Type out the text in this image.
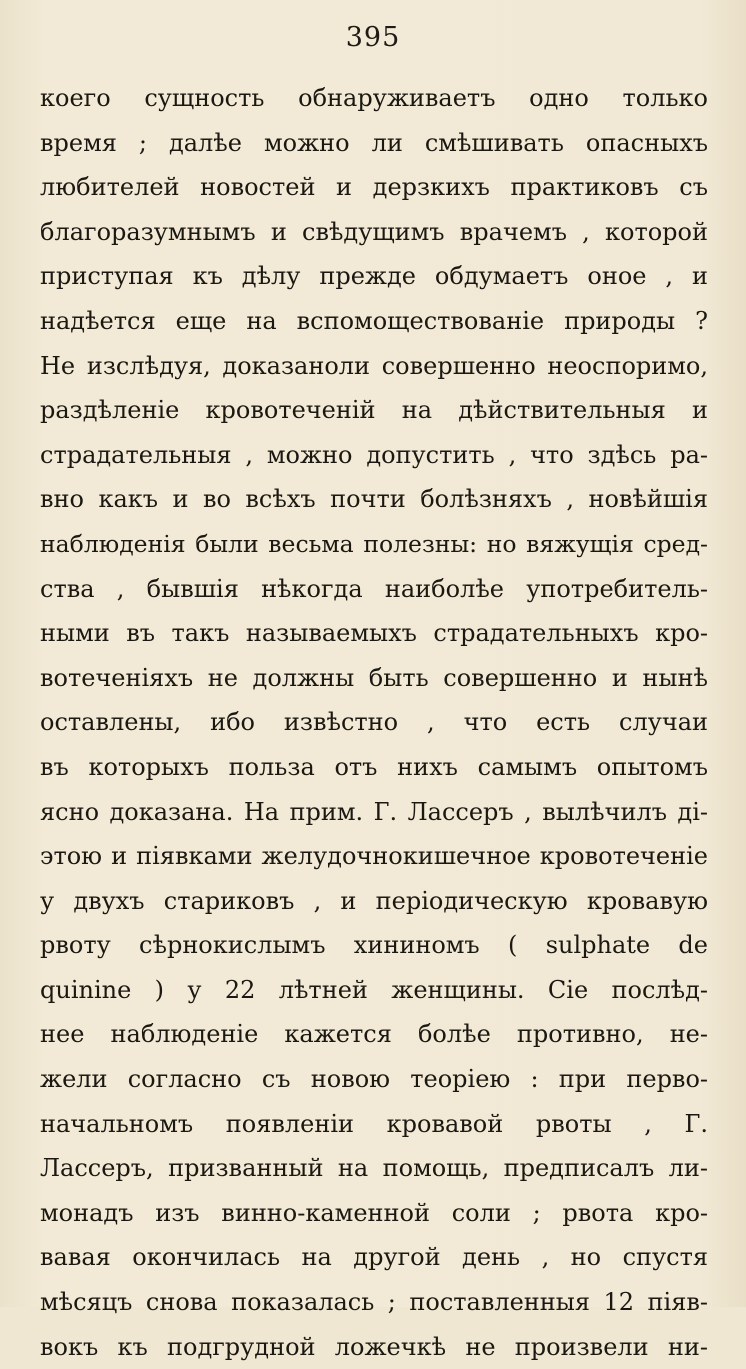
395
коего сущность обнаруживаетъ одно только
время ; далѣе можно ли смѣшивать опасныхъ
любителей новостей и дерзкихъ практиковъ съ
благоразумнымъ и свѣдущимъ врачемъ , которой
приступая къ дѣлу прежде обдумаетъ оное , и
надѣется еще на вспомоществованіе природы ?
Не изслѣдуя, доказаноли совершенно неоспоримо,
раздѣленіе кровотеченій на дѣйствительныя и
страдательныя , можно допустить , что здѣсь ра-
вно какъ и во всѣхъ почти болѣзняхъ , новѣйшія
наблюденія были весьма полезны: но вяжущія сред-
ства , бывшія нѣкогда наиболѣе употребитель-
ными въ такъ называемыхъ страдательныхъ кро-
вотеченіяхъ не должны быть совершенно и нынѣ
оставлены, ибо извѣстно , что есть случаи
въ которыхъ польза отъ нихъ самымъ опытомъ
ясно доказана. На прим. Г. Лассеръ , вылѣчилъ ді-
этою и піявками желудочнокишечное кровотеченіе
у двухъ стариковъ , и періодическую кровавую
рвоту сѣрнокислымъ хининомъ ( sulphate de
quinine ) у 22 лѣтней женщины. Сіе послѣд-
нее наблюденіе кажется болѣе противно, не-
жели согласно съ новою теоріею : при перво-
начальномъ появленіи кровавой рвоты , Г.
Лассеръ, призванный на помощь, предписалъ ли-
монадъ изъ винно-каменной соли ; рвота кро-
вавая окончилась на другой день , но спустя
мѣсяцъ снова показалась ; поставленныя 12 піяв-
вокъ къ подгрудной ложечкѣ не произвели ни-
